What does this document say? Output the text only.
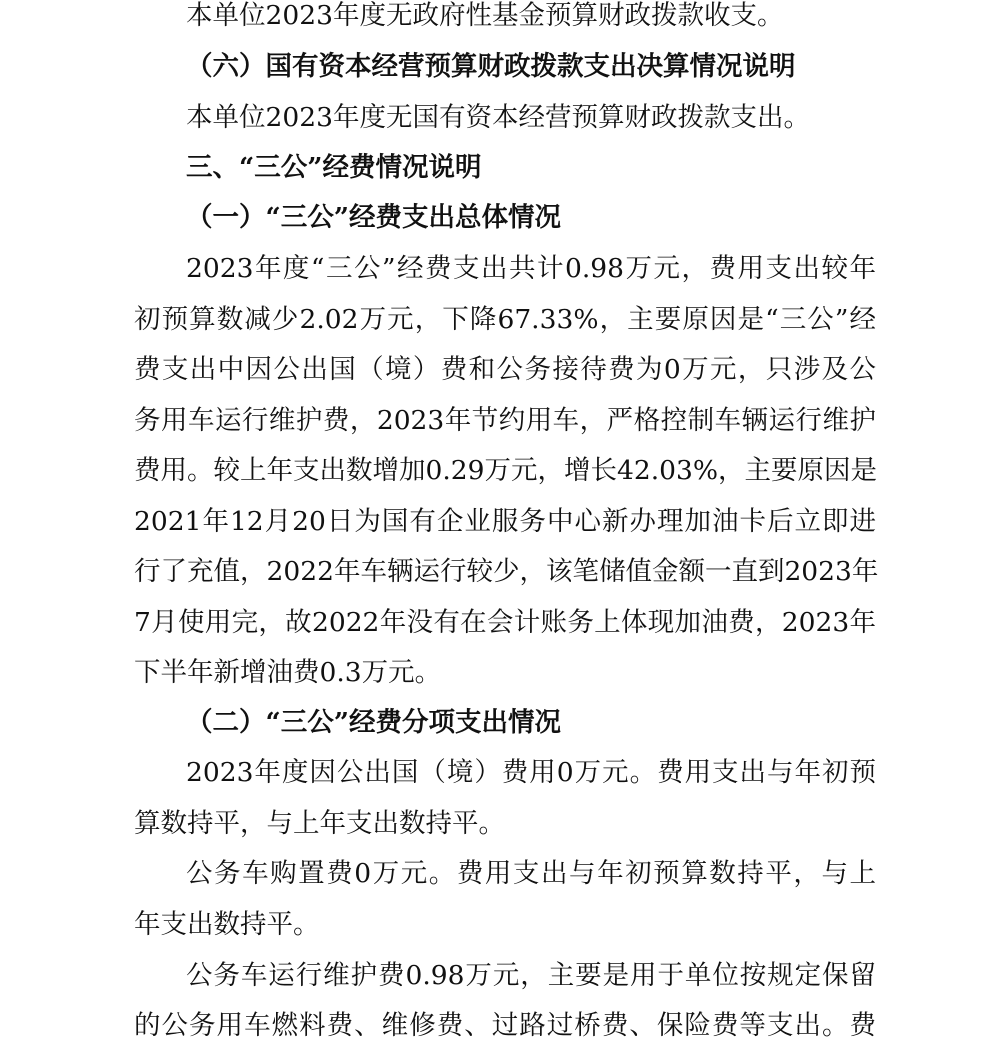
本单位2023年度无政府性基金预算财政拨款收支。
（六）国有资本经营预算财政拨款支出决算情况说明
本单位2023年度无国有资本经营预算财政拨款支出。
三、“三公”经费情况说明
（一）“三公”经费支出总体情况
2023年度“三公”经费支出共计0.98万元，费用支出较年
初预算数减少2.02万元，下降67.33%，主要原因是“三公”经
费支出中因公出国（境）费和公务接待费为0万元，只涉及公
务用车运行维护费，2023年节约用车，严格控制车辆运行维护
费用。较上年支出数增加0.29万元，增长42.03%，主要原因是
2021年12月20日为国有企业服务中心新办理加油卡后立即进
行了充值，2022年车辆运行较少，该笔储值金额一直到2023年
7月使用完，故2022年没有在会计账务上体现加油费，2023年
下半年新增油费0.3万元。
（二）“三公”经费分项支出情况
2023年度因公出国（境）费用0万元。费用支出与年初预
算数持平，与上年支出数持平。
公务车购置费0万元。费用支出与年初预算数持平，与上
年支出数持平。
公务车运行维护费0.98万元，主要是用于单位按规定保留
的公务用车燃料费、维修费、过路过桥费、保险费等支出。费
